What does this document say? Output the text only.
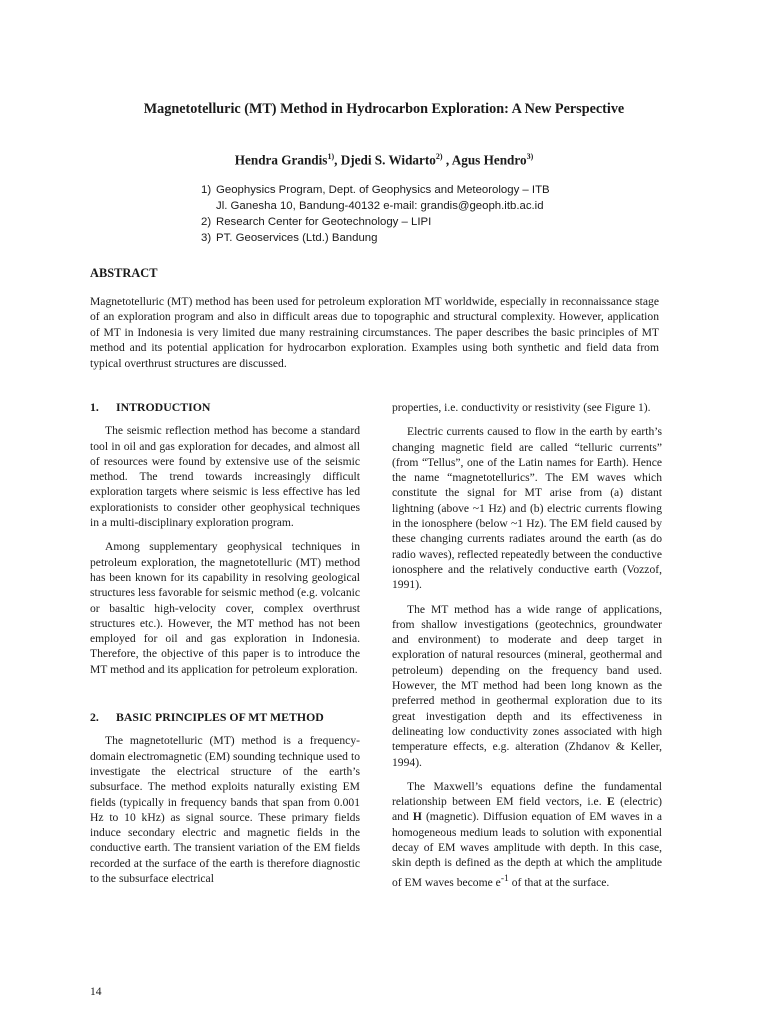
Magnetotelluric (MT) Method in Hydrocarbon Exploration: A New Perspective
Hendra Grandis$^{1)}$, Djedi S. Widarto$^{2)}$ , Agus Hendro$^{3)}$
1) Geophysics Program, Dept. of Geophysics and Meteorology – ITB
Jl. Ganesha 10, Bandung-40132 e-mail: grandis@geoph.itb.ac.id
2) Research Center for Geotechnology – LIPI
3) PT. Geoservices (Ltd.) Bandung
ABSTRACT
Magnetotelluric (MT) method has been used for petroleum exploration MT worldwide, especially in reconnaissance stage of an exploration program and also in difficult areas due to topographic and structural complexity. However, application of MT in Indonesia is very limited due many restraining circumstances. The paper describes the basic principles of MT method and its potential application for hydrocarbon exploration. Examples using both synthetic and field data from typical overthrust structures are discussed.
1.	INTRODUCTION

The seismic reflection method has become a standard tool in oil and gas exploration for decades, and almost all of resources were found by extensive use of the seismic method. The trend towards increasingly difficult exploration targets where seismic is less effective has led explorationists to consider other geophysical techniques in a multi-disciplinary exploration program.

Among supplementary geophysical techniques in petroleum exploration, the magnetotelluric (MT) method has been known for its capability in resolving geological structures less favorable for seismic method (e.g. volcanic or basaltic high-velocity cover, complex overthrust structures etc.). However, the MT method has not been employed for oil and gas exploration in Indonesia. Therefore, the objective of this paper is to introduce the MT method and its application for petroleum exploration.

2.	BASIC PRINCIPLES OF MT METHOD

The magnetotelluric (MT) method is a frequency-domain electromagnetic (EM) sounding technique used to investigate the electrical structure of the earth’s subsurface. The method exploits naturally existing EM fields (typically in frequency bands that span from 0.001 Hz to 10 kHz) as signal source. These primary fields induce secondary electric and magnetic fields in the conductive earth. The transient variation of the EM fields recorded at the surface of the earth is therefore diagnostic to the subsurface electrical

properties, i.e. conductivity or resistivity (see Figure 1).

Electric currents caused to flow in the earth by earth’s changing magnetic field are called “telluric currents” (from “Tellus”, one of the Latin names for Earth). Hence the name “magnetotellurics”. The EM waves which constitute the signal for MT arise from (a) distant lightning (above ~1 Hz) and (b) electric currents flowing in the ionosphere (below ~1 Hz). The EM field caused by these changing currents radiates around the earth (as do radio waves), reflected repeatedly between the conductive ionosphere and the relatively conductive earth (Vozzof, 1991).

The MT method has a wide range of applications, from shallow investigations (geotechnics, groundwater and environment) to moderate and deep target in exploration of natural resources (mineral, geothermal and petroleum) depending on the frequency band used. However, the MT method had been long known as the preferred method in geothermal exploration due to its great investigation depth and its effectiveness in delineating low conductivity zones associated with high temperature effects, e.g. alteration (Zhdanov & Keller, 1994).

The Maxwell’s equations define the fundamental relationship between EM field vectors, i.e. E (electric) and H (magnetic). Diffusion equation of EM waves in a homogeneous medium leads to solution with exponential decay of EM waves amplitude with depth. In this case, skin depth is defined as the depth at which the amplitude of EM waves become $e^{-1}$ of that at the surface.

14
